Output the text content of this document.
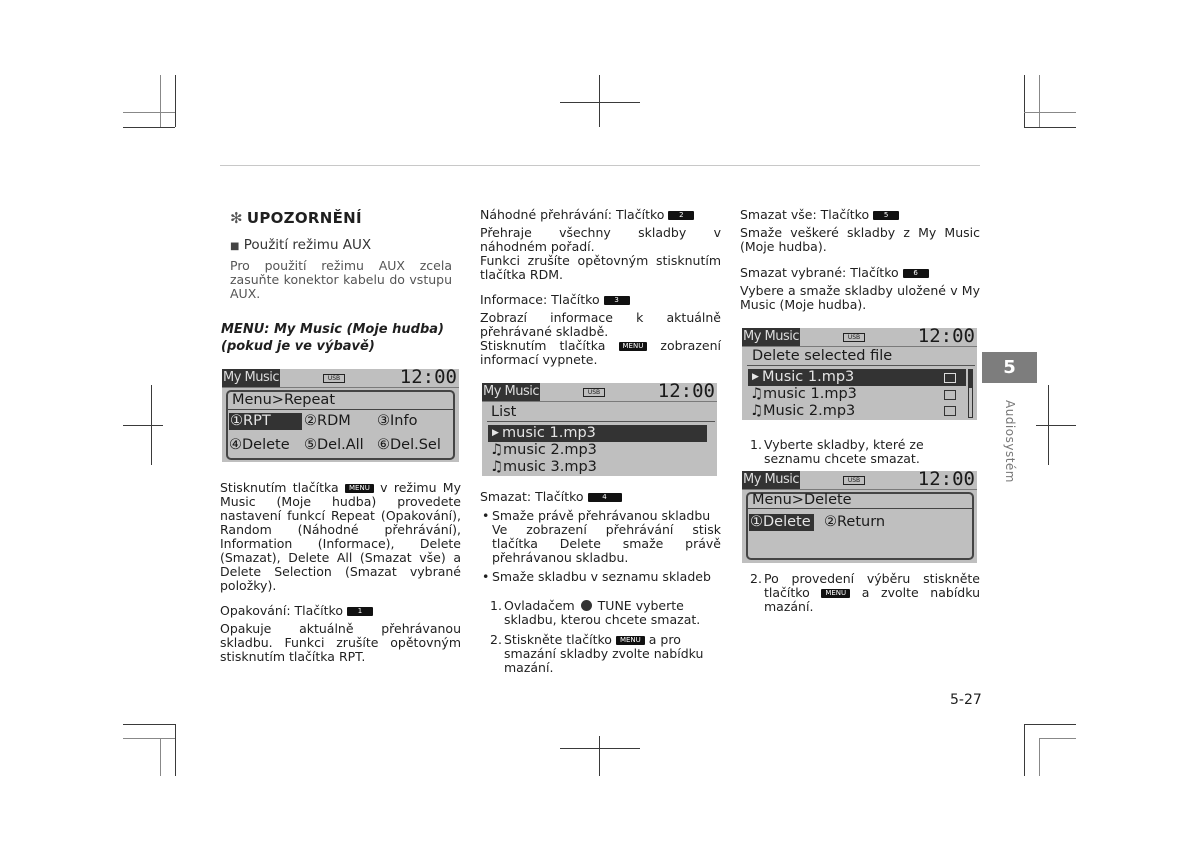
✻ UPOZORNĚNÍ
■ Použití režimu AUX
Pro použití režimu AUX zcela zasuňte konektor kabelu do vstupu AUX.
MENU: My Music (Moje hudba)
(pokud je ve výbavě)
My Music	USB	12:00
Menu>Repeat
①RPT	②RDM ③Info
④Delete ⑤Del.All ⑥Del.Sel
Stisknutím tlačítka MENU v režimu My Music (Moje hudba) provedete nastavení funkcí Repeat (Opakování), Random (Náhodné přehrávání), Information (Informace), Delete (Smazat), Delete All (Smazat vše) a Delete Selection (Smazat vybrané položky).
Opakování: Tlačítko 1
Opakuje aktuálně přehrávanou skladbu. Funkci zrušíte opětovným stisknutím tlačítka RPT.
Náhodné přehrávání: Tlačítko 2
Přehraje všechny skladby v náhodném pořadí.
Funkci zrušíte opětovným stisknutím tlačítka RDM.
Informace: Tlačítko 3
Zobrazí informace k aktuálně přehrávané skladbě.
Stisknutím tlačítka MENU zobrazení informací vypnete.
My Music	USB	12:00
List
▶ music 1.mp3
♫music 2.mp3
♫music 3.mp3
Smazat: Tlačítko	4
• Smaže právě přehrávanou skladbu
Ve zobrazení přehrávání stisk tlačítka Delete smaže právě přehrávanou skladbu.
• Smaže skladbu v seznamu skladeb
1. Ovladačem TUNE vyberte skladbu, kterou chcete smazat.
2. Stiskněte tlačítko MENU a pro smazání skladby zvolte nabídku mazání.
Smazat vše: Tlačítko 5
Smaže veškeré skladby z My Music (Moje hudba).
Smazat vybrané: Tlačítko 6
Vybere a smaže skladby uložené v My Music (Moje hudba).
My Music	USB	12:00
Delete selected file
▶ Music 1.mp3
♫music 1.mp3
♫Music 2.mp3
1. Vyberte skladby, které ze seznamu chcete smazat.
My Music	USB	12:00
Menu>Delete
①Delete ②Return
2. Po provedení výběru stiskněte tlačítko MENU a zvolte nabídku mazání.
5
Audiosystém
5-27
